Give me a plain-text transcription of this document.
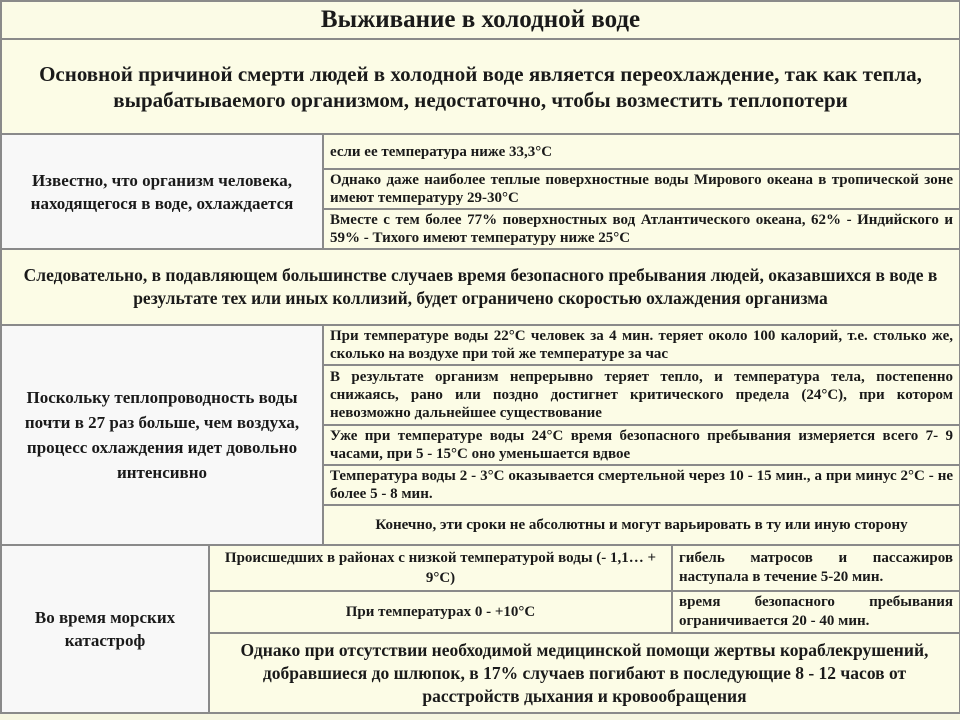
Выживание в холодной воде
Основной причиной смерти людей в холодной воде является переохлаждение, так как тепла, вырабатываемого организмом, недостаточно, чтобы возместить теплопотери
Известно, что организм человека, находящегося в воде, охлаждается	если ее температура ниже 33,3°С
Однако даже наиболее теплые поверхностные воды Мирового океана в тропической зоне имеют температуру 29-30°С
Вместе с тем более 77% поверхностных вод Атлантического океана, 62% - Индийского и 59% - Тихого имеют температуру ниже 25°С
Следовательно, в подавляющем большинстве случаев время безопасного пребывания людей, оказавшихся в воде в результате тех или иных коллизий, будет ограничено скоростью охлаждения организма
Поскольку теплопроводность воды почти в 27 раз больше, чем воздуха, процесс охлаждения идет довольно интенсивно	При температуре воды 22°С человек за 4 мин. теряет около 100 калорий, т.е. столько же, сколько на воздухе при той же температуре за час
В результате организм непрерывно теряет тепло, и температура тела, постепенно снижаясь, рано или поздно достигнет критического предела (24°С), при котором невозможно дальнейшее существование
Уже при температуре воды 24°С время безопасного пребывания измеряется всего 7- 9 часами, при 5 - 15°С оно уменьшается вдвое
Температура воды 2 - 3°С оказывается смертельной через 10 - 15 мин., а при минус 2°С - не более 5 - 8 мин.
Конечно, эти сроки не абсолютны и могут варьировать в ту или иную сторону

Во время морских катастроф	Происшедших в районах с низкой температурой воды (- 1,1… + 9°С)	гибель матросов и пассажиров наступала в течение 5-20 мин.
При температурах 0 - +10°С	время безопасного пребывания ограничивается 20 - 40 мин.
Однако при отсутствии необходимой медицинской помощи жертвы кораблекрушений, добравшиеся до шлюпок, в 17% случаев погибают в последующие 8 - 12 часов от расстройств дыхания и кровообращения
